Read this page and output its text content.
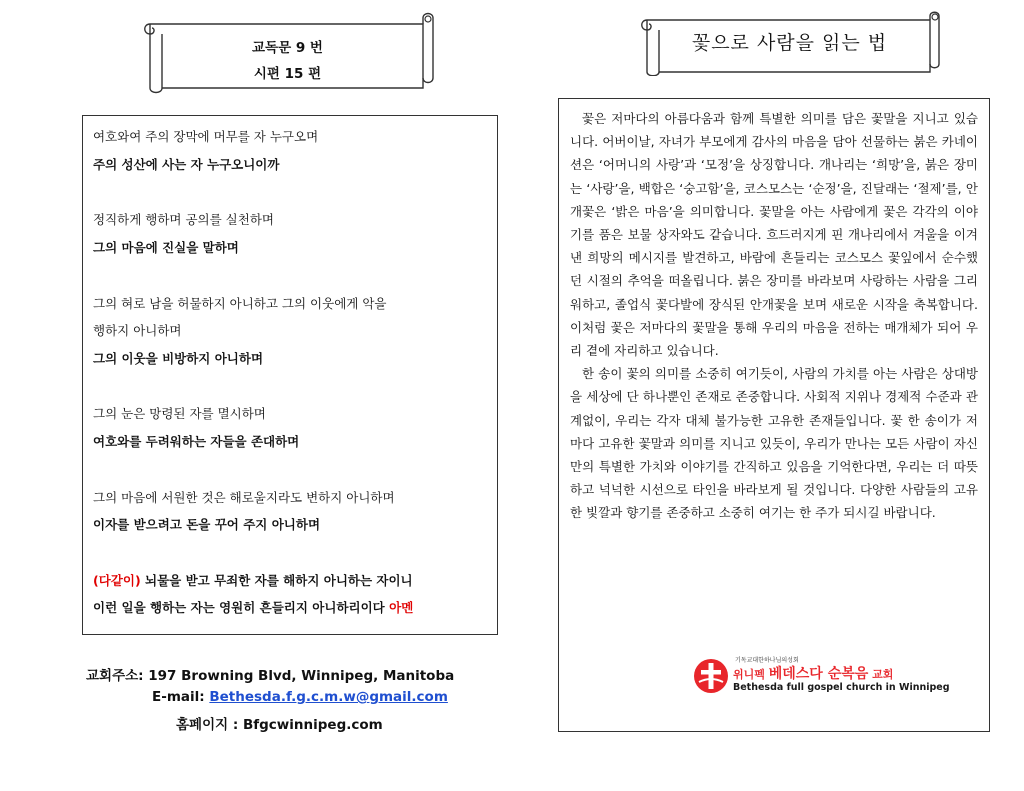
교독문 9 번
시편 15 편
여호와여 주의 장막에 머무를 자 누구오며
주의 성산에 사는 자 누구오니이까
정직하게 행하며 공의를 실천하며
그의 마음에 진실을 말하며
그의 혀로 남을 허물하지 아니하고 그의 이웃에게 악을
행하지 아니하며
그의 이웃을 비방하지 아니하며
그의 눈은 망령된 자를 멸시하며
여호와를 두려워하는 자들을 존대하며
그의 마음에 서원한 것은 해로울지라도 변하지 아니하며
이자를 받으려고 돈을 꾸어 주지 아니하며
(다같이) 뇌물을 받고 무죄한 자를 해하지 아니하는 자이니
이런 일을 행하는 자는 영원히 흔들리지 아니하리이다 아멘
교회주소: 197 Browning Blvd, Winnipeg, Manitoba
E-mail: Bethesda.f.g.c.m.w@gmail.com
홈페이지 : Bfgcwinnipeg.com
꽃으로 사람을 읽는 법

꽃은 저마다의 아름다움과 함께 특별한 의미를 담은 꽃말을 지니고 있습니다. 어버이날, 자녀가 부모에게 감사의 마음을 담아 선물하는 붉은 카네이션은 ‘어머니의 사랑’과 ‘모정’을 상징합니다. 개나리는 ‘희망’을, 붉은 장미는 ‘사랑’을, 백합은 ‘숭고함’을, 코스모스는 ‘순정’을, 진달래는 ‘절제’를, 안개꽃은 ‘밝은 마음’을 의미합니다. 꽃말을 아는 사람에게 꽃은 각각의 이야기를 품은 보물 상자와도 같습니다. 흐드러지게 핀 개나리에서 겨울을 이겨낸 희망의 메시지를 발견하고, 바람에 흔들리는 코스모스 꽃잎에서 순수했던 시절의 추억을 떠올립니다. 붉은 장미를 바라보며 사랑하는 사람을 그리워하고, 졸업식 꽃다발에 장식된 안개꽃을 보며 새로운 시작을 축복합니다. 이처럼 꽃은 저마다의 꽃말을 통해 우리의 마음을 전하는 매개체가 되어 우리 곁에 자리하고 있습니다.

한 송이 꽃의 의미를 소중히 여기듯이, 사람의 가치를 아는 사람은 상대방을 세상에 단 하나뿐인 존재로 존중합니다. 사회적 지위나 경제적 수준과 관계없이, 우리는 각자 대체 불가능한 고유한 존재들입니다. 꽃 한 송이가 저마다 고유한 꽃말과 의미를 지니고 있듯이, 우리가 만나는 모든 사람이 자신만의 특별한 가치와 이야기를 간직하고 있음을 기억한다면, 우리는 더 따뜻하고 넉넉한 시선으로 타인을 바라보게 될 것입니다. 다양한 사람들의 고유한 빛깔과 향기를 존중하고 소중히 여기는 한 주가 되시길 바랍니다.

기독교대한하나님의성회
위니펙 베데스다 순복음 교회
Bethesda full gospel church in Winnipeg
